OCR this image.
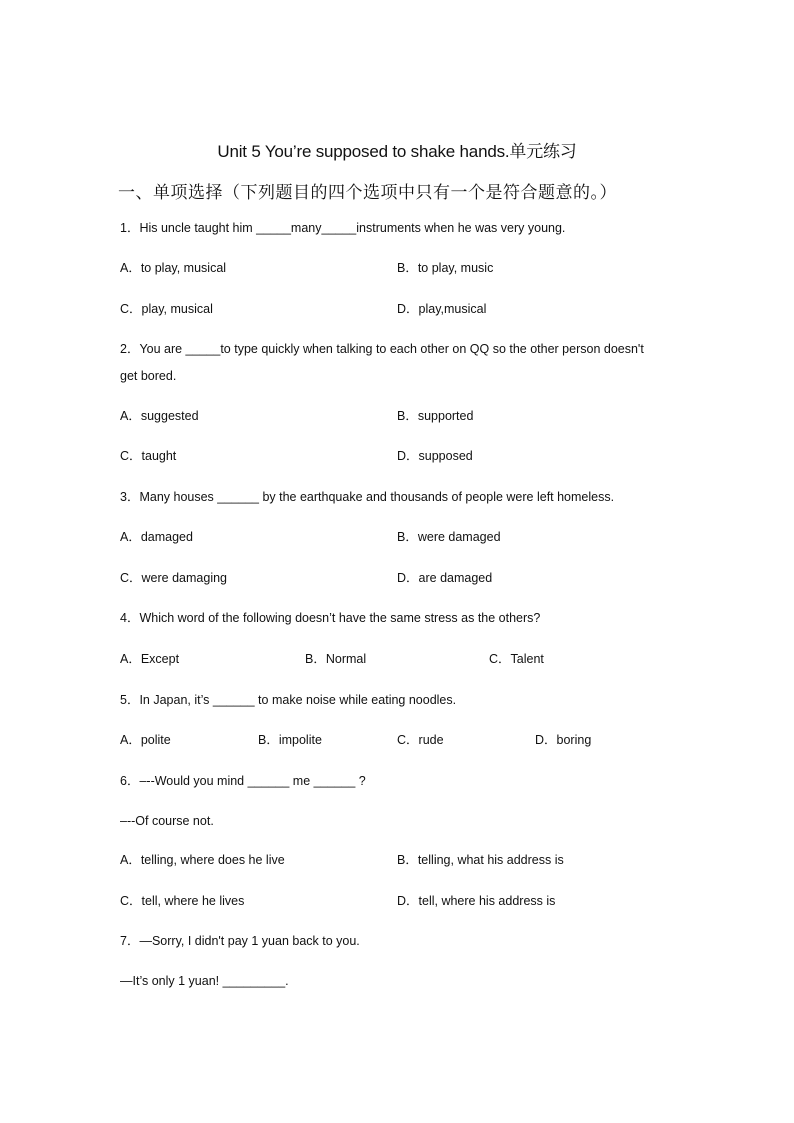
Unit 5 You’re supposed to shake hands.单元练习
一、单项选择（下列题目的四个选项中只有一个是符合题意的。）
1．His uncle taught him _____many_____instruments when he was very young.
A．to play, musical	B．to play, music
C．play, musical	D．play,musical
2．You are _____to type quickly when talking to each other on QQ so the other person doesn't
get bored.
A．suggested	B．supported
C．taught	D．supposed
3．Many houses ______ by the earthquake and thousands of people were left homeless.
A．damaged	B．were damaged
C．were damaging	D．are damaged
4．Which word of the following doesn’t have the same stress as the others?
A．Except	B．Normal	C．Talent
5．In Japan, it’s ______ to make noise while eating noodles.
A．polite	B．impolite	C．rude	D．boring
6．–--Would you mind ______ me ______ ?
–--Of course not.
A．telling, where does he live	B．telling, what his address is
C．tell, where he lives	D．tell, where his address is
7．—Sorry, I didn't pay 1 yuan back to you.
—It’s only 1 yuan! _________.
